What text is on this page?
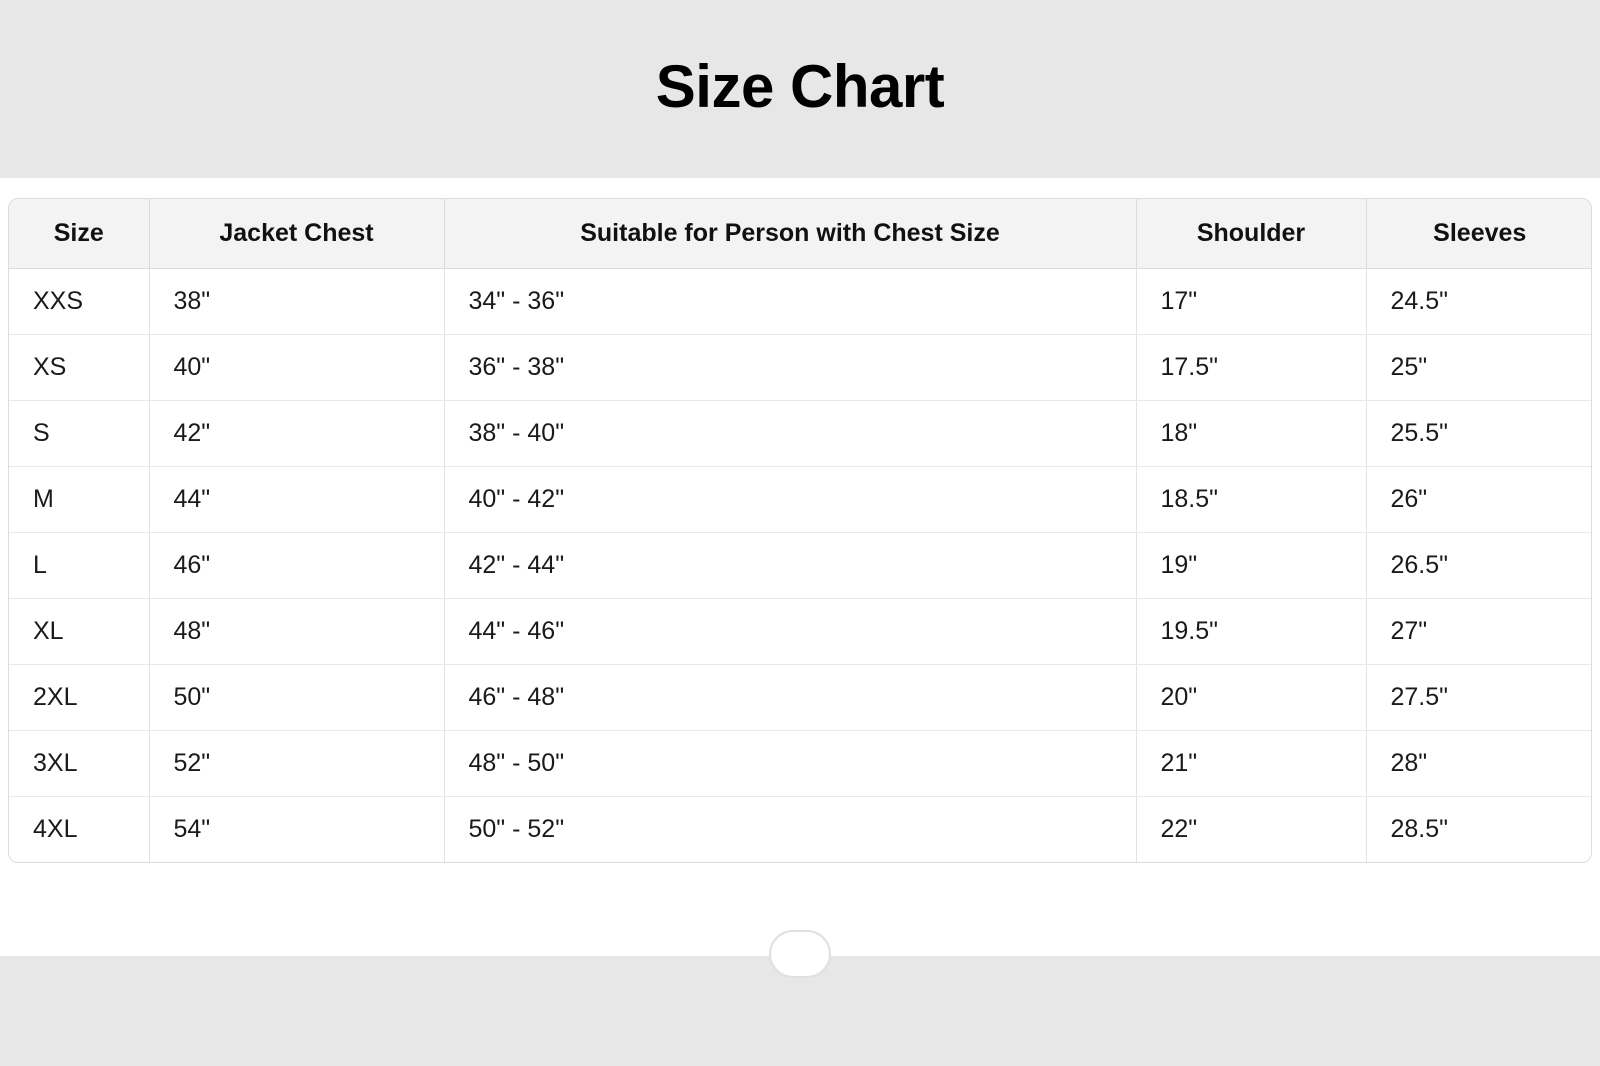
Size Chart
Size	Jacket Chest	Suitable for Person with Chest Size	Shoulder	Sleeves
XXS	38"	34" - 36"	17"	24.5"
XS	40"	36" - 38"	17.5"	25"
S	42"	38" - 40"	18"	25.5"
M	44"	40" - 42"	18.5"	26"
L	46"	42" - 44"	19"	26.5"
XL	48"	44" - 46"	19.5"	27"
2XL	50"	46" - 48"	20"	27.5"
3XL	52"	48" - 50"	21"	28"
4XL	54"	50" - 52"	22"	28.5"
